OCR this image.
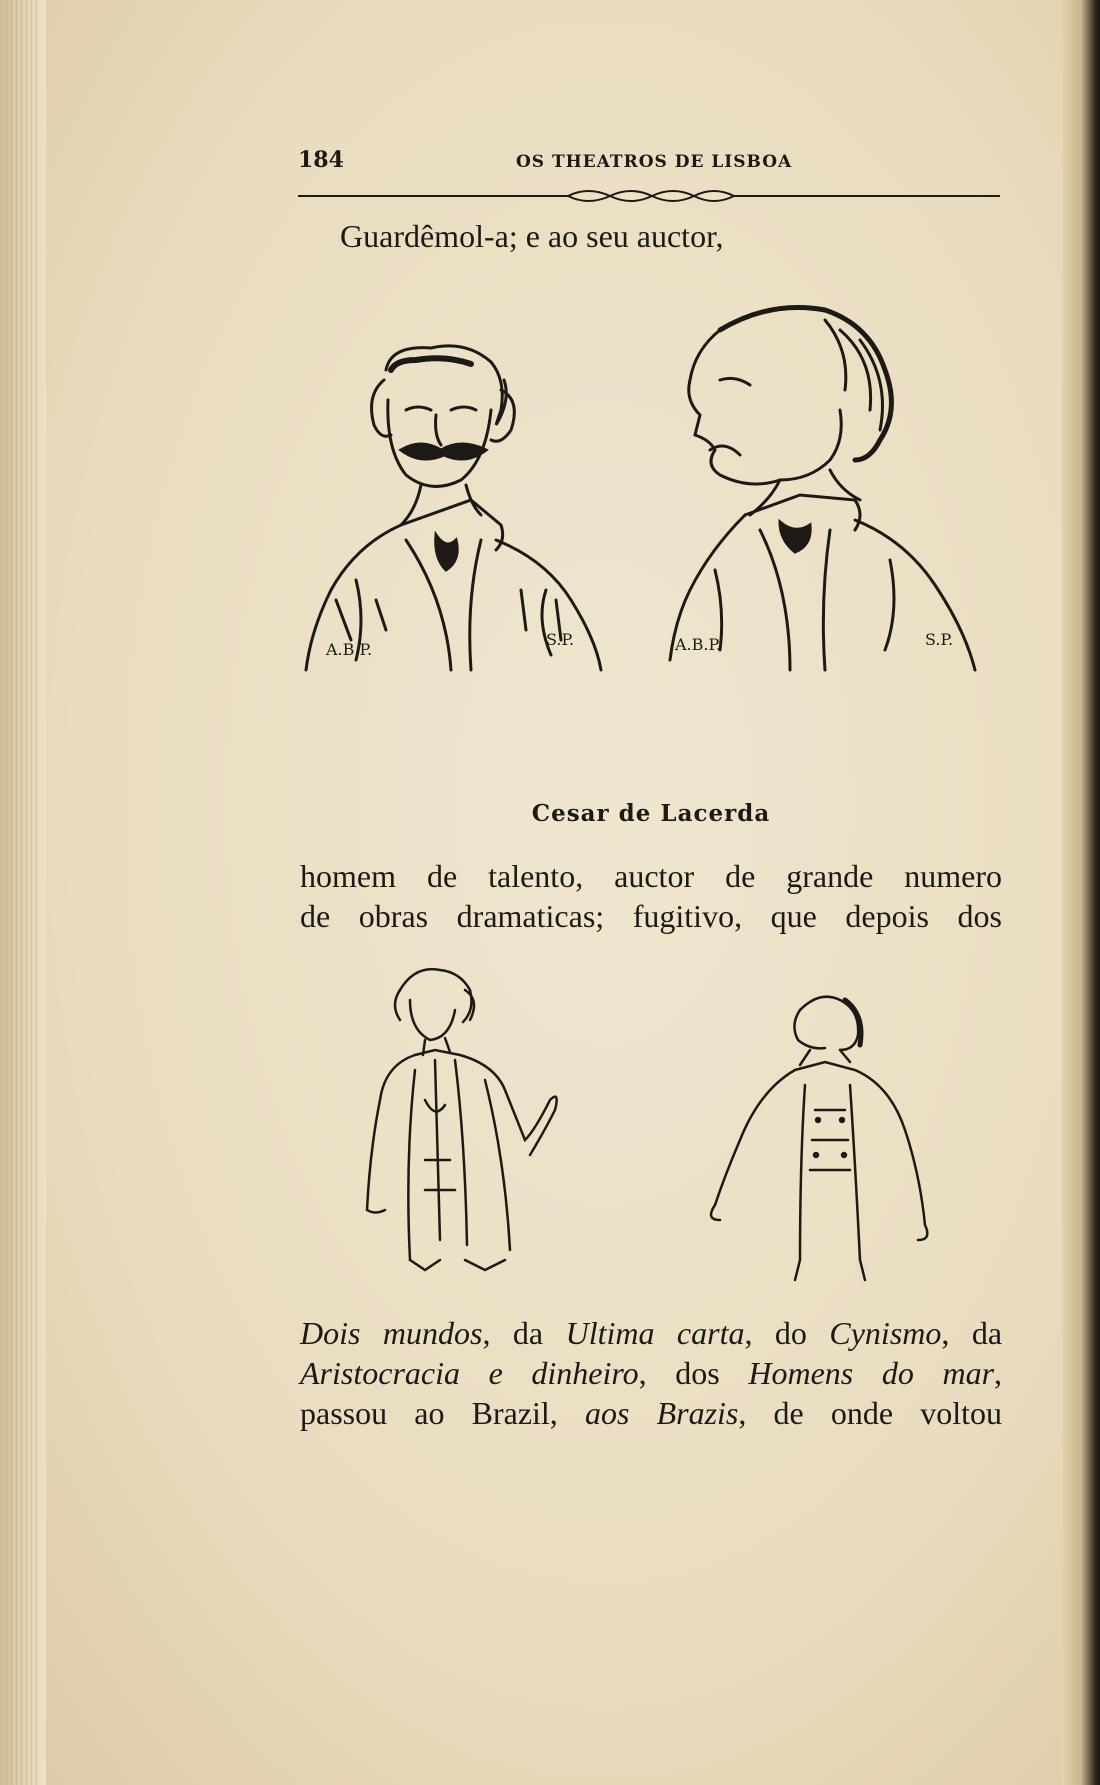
184	OS THEATROS DE LISBOA
Guardêmol-a; e ao seu auctor,
A.B.P.
S.P.	A.B.P.	S.P.
Cesar de Lacerda
homem de talento, auctor de grande numero
de obras dramaticas; fugitivo, que depois dos
Dois mundos, da Ultima carta, do Cynismo, da
Aristocracia e dinheiro, dos Homens do mar,
passou ao Brazil, aos Brazis, de onde voltou
